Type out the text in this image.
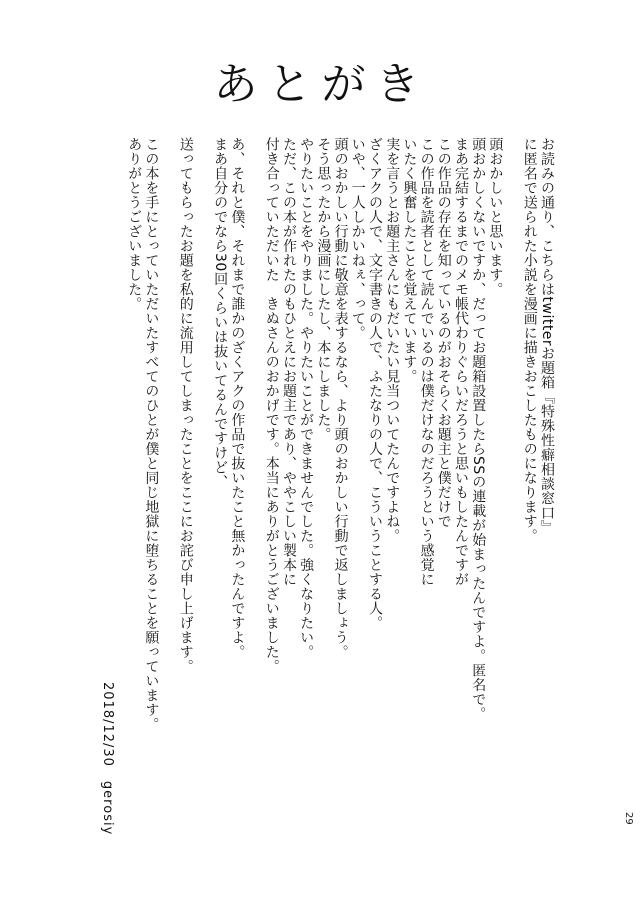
あとがき
お読みの通り、こちらはtwitterお題箱『特殊性癖相談窓口』
に匿名で送られた小説を漫画に描きおこしたものになります。
頭おかしいと思います。
頭おかしくないですか、だってお題箱設置したらSSの連載が始まったんですよ。匿名で。
まあ完結するまでのメモ帳代わりぐらいだろうと思いもしたんですが
この作品の存在を知っているのがおそらくお題主と僕だけで
この作品を読者として読んでいるのは僕だけなのだろうという感覚に
いたく興奮したことを覚えています。
実を言うとお題主さんにもだいたい見当ついてたんですよね。
ざくアクの人で、文字書きの人で、ふたなりの人で、こういうことする人。
いや、一人しかいねぇ、って。
頭のおかしい行動に敬意を表するなら、より頭のおかしい行動で返しましょう。
そう思ったから漫画にしたし、本にしました。
やりたいことをやりました。やりたいことができませんでした。強くなりたい。
ただ、この本が作れたのもひとえにお題主であり、ややこしい製本に
付き合っていただいた　きぬさんのおかげです。本当にありがとうございました。
あ、それと僕、それまで誰かのざくアクの作品で抜いたこと無かったんですよ。
まあ自分のでなら30回くらいは抜いてるんですけど、
送ってもらったお題を私的に流用してしまったことをここにお詫び申し上げます。
この本を手にとっていただいたすべてのひとが僕と同じ地獄に堕ちることを願っています。
ありがとうございました。
2018/12/30　gerosiy	29
